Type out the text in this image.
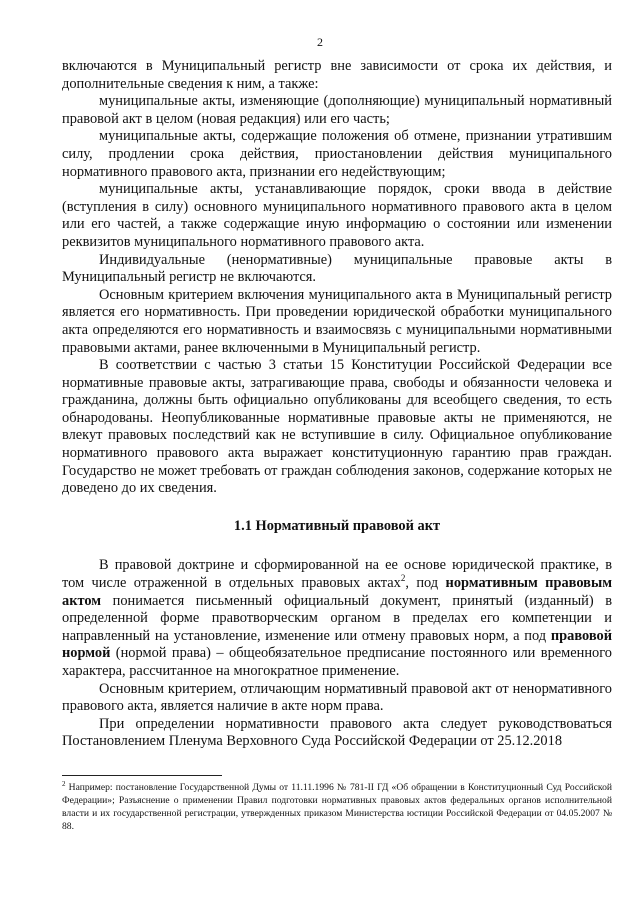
2

включаются в Муниципальный регистр вне зависимости от срока их действия, и дополнительные сведения к ним, а также:

муниципальные акты, изменяющие (дополняющие) муниципальный нормативный правовой акт в целом (новая редакция) или его часть;

муниципальные акты, содержащие положения об отмене, признании утратившим силу, продлении срока действия, приостановлении действия муниципального нормативного правового акта, признании его недействующим;

муниципальные акты, устанавливающие порядок, сроки ввода в действие (вступления в силу) основного муниципального нормативного правового акта в целом или его частей, а также содержащие иную информацию о состоянии или изменении реквизитов муниципального нормативного правового акта.

Индивидуальные (ненормативные) муниципальные правовые акты в Муниципальный регистр не включаются.

Основным критерием включения муниципального акта в Муниципальный регистр является его нормативность. При проведении юридической обработки муниципального акта определяются его нормативность и взаимосвязь с муниципальными нормативными правовыми актами, ранее включенными в Муниципальный регистр.

В соответствии с частью 3 статьи 15 Конституции Российской Федерации все нормативные правовые акты, затрагивающие права, свободы и обязанности человека и гражданина, должны быть официально опубликованы для всеобщего сведения, то есть обнародованы. Неопубликованные нормативные правовые акты не применяются, не влекут правовых последствий как не вступившие в силу. Официальное опубликование нормативного правового акта выражает конституционную гарантию прав граждан. Государство не может требовать от граждан соблюдения законов, содержание которых не доведено до их сведения.

1.1 Нормативный правовой акт

В правовой доктрине и сформированной на ее основе юридической практике, в том числе отраженной в отдельных правовых актах$^2$, под нормативным правовым актом понимается письменный официальный документ, принятый (изданный) в определенной форме правотворческим органом в пределах его компетенции и направленный на установление, изменение или отмену правовых норм, а под правовой нормой (нормой права) – общеобязательное предписание постоянного или временного характера, рассчитанное на многократное применение.

Основным критерием, отличающим нормативный правовой акт от ненормативного правового акта, является наличие в акте норм права.

При определении нормативности правового акта следует руководствоваться Постановлением Пленума Верховного Суда Российской Федерации от 25.12.2018

$^2$ Например: постановление Государственной Думы от 11.11.1996 № 781-II ГД «Об обращении в Конституционный Суд Российской Федерации»; Разъяснение о применении Правил подготовки нормативных правовых актов федеральных органов исполнительной власти и их государственной регистрации, утвержденных приказом Министерства юстиции Российской Федерации от 04.05.2007 № 88.
